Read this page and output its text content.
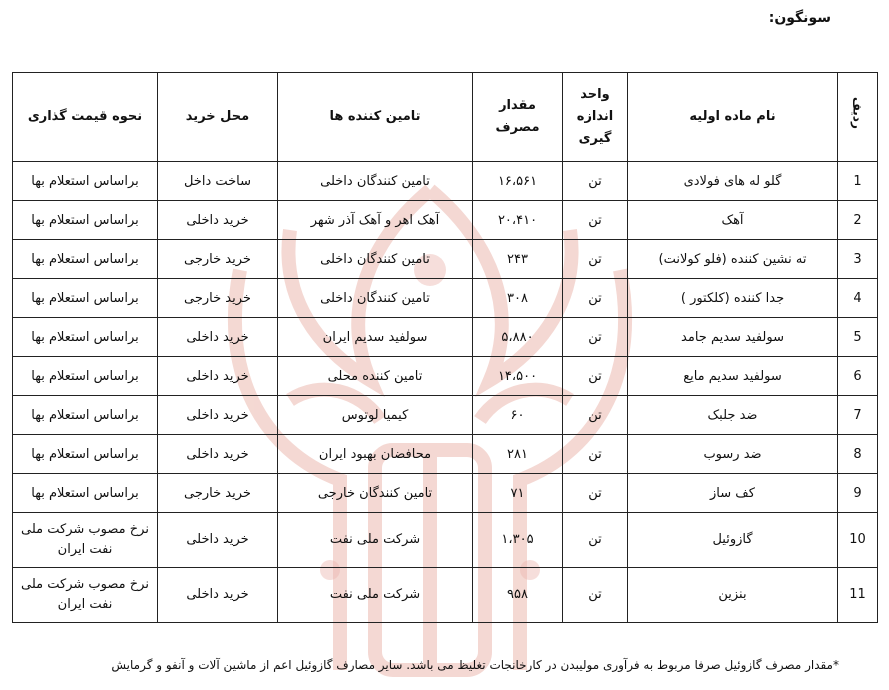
سونگون:
ردیف	نام ماده اولیه	واحد اندازه گیری	مقدار مصرف	تامین کننده ها	محل خرید	نحوه قیمت گذاری
1	گلو له های فولادی	تن	۱۶،۵۶۱	تامین کنندگان داخلی	ساخت داخل	براساس استعلام بها
2	آهک	تن	۲۰،۴۱۰	آهک اهر و آهک آذر شهر	خرید داخلی	براساس استعلام بها
3	ته نشین کننده (فلو کولانت)	تن	۲۴۳	تامین کنندگان داخلی	خرید خارجی	براساس استعلام بها
4	جدا کننده (کلکتور )	تن	۳۰۸	تامین کنندگان داخلی	خرید خارجی	براساس استعلام بها
5	سولفید سدیم جامد	تن	۵،۸۸۰	سولفید سدیم ایران	خرید داخلی	براساس استعلام بها
6	سولفید سدیم مایع	تن	۱۴،۵۰۰	تامین کننده محلی	خرید داخلی	براساس استعلام بها
7	ضد جلبک	تن	۶۰	کیمیا لوتوس	خرید داخلی	براساس استعلام بها
8	ضد رسوب	تن	۲۸۱	محافضان بهبود ایران	خرید داخلی	براساس استعلام بها
9	کف ساز	تن	۷۱	تامین کنندگان خارجی	خرید خارجی	براساس استعلام بها
10	گازوئیل	تن	۱،۳۰۵	شرکت ملی نفت	خرید داخلی	نرخ مصوب شرکت ملی نفت ایران
11	بنزین	تن	۹۵۸	شرکت ملی نفت	خرید داخلی	نرخ مصوب شرکت ملی نفت ایران
*مقدار مصرف گازوئیل صرفا مربوط به فرآوری مولیبدن در کارخانجات تغلیظ می باشد. سایر مصارف گازوئیل اعم از ماشین آلات و آنفو و گرمایش
